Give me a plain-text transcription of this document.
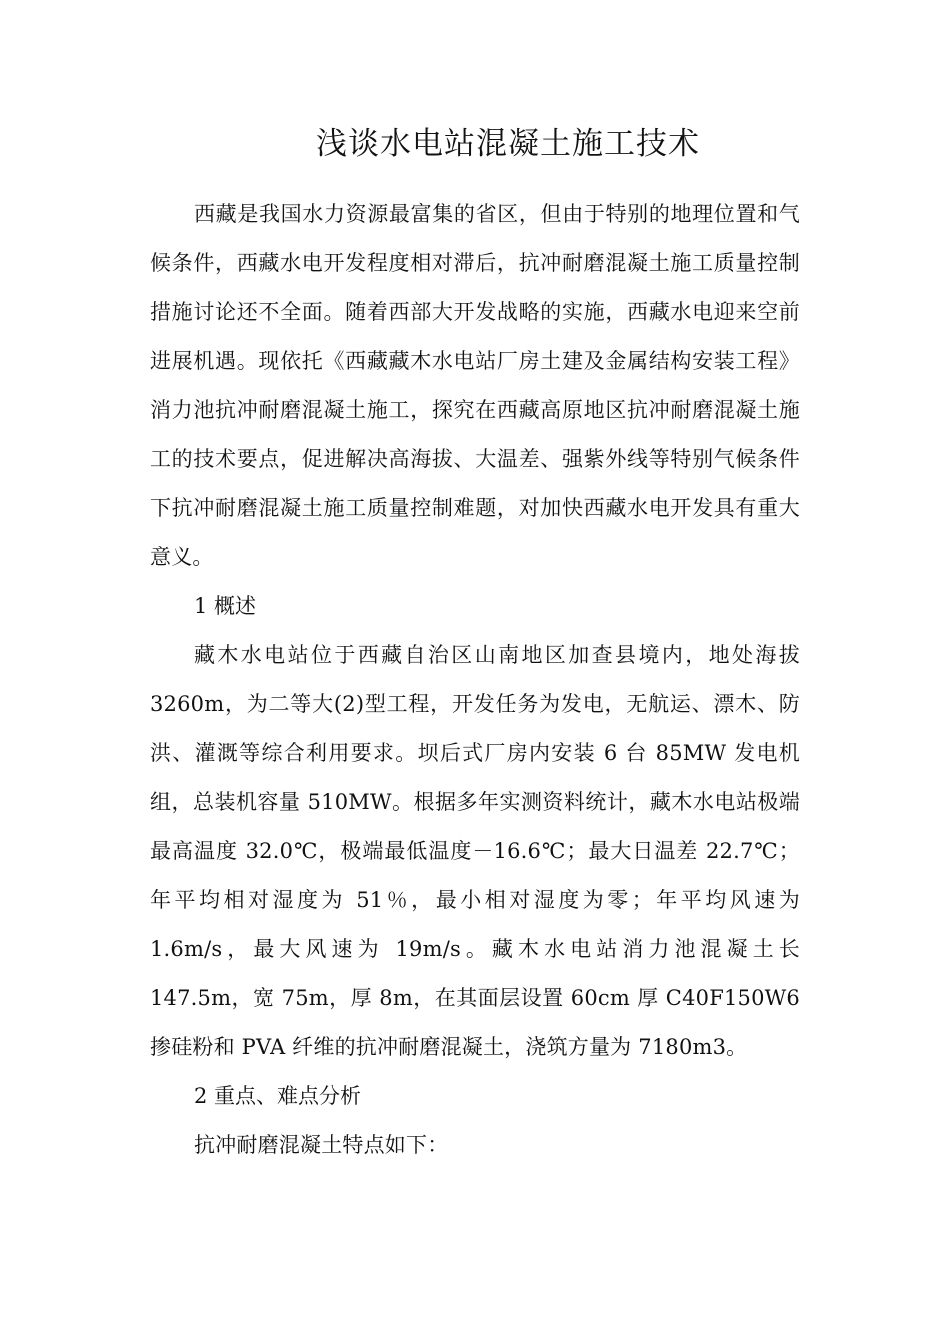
浅谈水电站混凝土施工技术

西藏是我国水力资源最富集的省区，但由于特别的地理位置和气候条件，西藏水电开发程度相对滞后，抗冲耐磨混凝土施工质量控制措施讨论还不全面。随着西部大开发战略的实施，西藏水电迎来空前进展机遇。现依托《西藏藏木水电站厂房土建及金属结构安装工程》消力池抗冲耐磨混凝土施工，探究在西藏高原地区抗冲耐磨混凝土施工的技术要点，促进解决高海拔、大温差、强紫外线等特别气候条件下抗冲耐磨混凝土施工质量控制难题，对加快西藏水电开发具有重大意义。

1 概述

藏木水电站位于西藏自治区山南地区加查县境内，地处海拔3260m，为二等大(2)型工程，开发任务为发电，无航运、漂木、防洪、灌溉等综合利用要求。坝后式厂房内安装 6 台 85MW 发电机组，总装机容量 510MW。根据多年实测资料统计，藏木水电站极端最高温度 32.0℃，极端最低温度－16.6℃；最大日温差 22.7℃；年平均相对湿度为 51％，最小相对湿度为零；年平均风速为1.6m/s，最大风速为 19m/s。藏木水电站消力池混凝土长 147.5m，宽 75m，厚 8m，在其面层设置 60cm 厚 C40F150W6 掺硅粉和 PVA 纤维的抗冲耐磨混凝土，浇筑方量为 7180m3。

2 重点、难点分析

抗冲耐磨混凝土特点如下：
